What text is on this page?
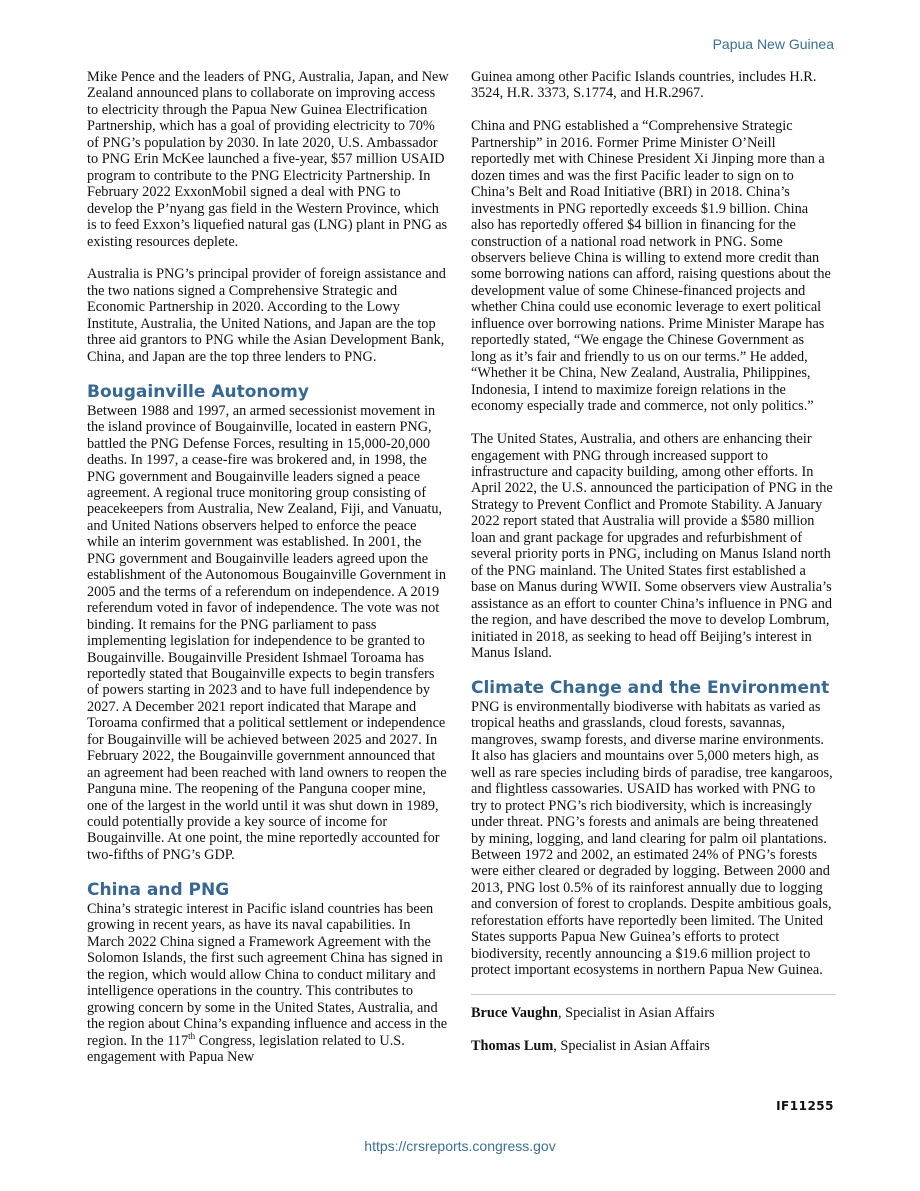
Papua New Guinea

Mike Pence and the leaders of PNG, Australia, Japan, and New Zealand announced plans to collaborate on improving access to electricity through the Papua New Guinea Electrification Partnership, which has a goal of providing electricity to 70% of PNG’s population by 2030. In late 2020, U.S. Ambassador to PNG Erin McKee launched a five-year, $57 million USAID program to contribute to the PNG Electricity Partnership. In February 2022 ExxonMobil signed a deal with PNG to develop the P’nyang gas field in the Western Province, which is to feed Exxon’s liquefied natural gas (LNG) plant in PNG as existing resources deplete.

Australia is PNG’s principal provider of foreign assistance and the two nations signed a Comprehensive Strategic and Economic Partnership in 2020. According to the Lowy Institute, Australia, the United Nations, and Japan are the top three aid grantors to PNG while the Asian Development Bank, China, and Japan are the top three lenders to PNG.

Bougainville Autonomy

Between 1988 and 1997, an armed secessionist movement in the island province of Bougainville, located in eastern PNG, battled the PNG Defense Forces, resulting in 15,000-20,000 deaths. In 1997, a cease-fire was brokered and, in 1998, the PNG government and Bougainville leaders signed a peace agreement. A regional truce monitoring group consisting of peacekeepers from Australia, New Zealand, Fiji, and Vanuatu, and United Nations observers helped to enforce the peace while an interim government was established. In 2001, the PNG government and Bougainville leaders agreed upon the establishment of the Autonomous Bougainville Government in 2005 and the terms of a referendum on independence. A 2019 referendum voted in favor of independence. The vote was not binding. It remains for the PNG parliament to pass implementing legislation for independence to be granted to Bougainville. Bougainville President Ishmael Toroama has reportedly stated that Bougainville expects to begin transfers of powers starting in 2023 and to have full independence by 2027. A December 2021 report indicated that Marape and Toroama confirmed that a political settlement or independence for Bougainville will be achieved between 2025 and 2027. In February 2022, the Bougainville government announced that an agreement had been reached with land owners to reopen the Panguna mine. The reopening of the Panguna cooper mine, one of the largest in the world until it was shut down in 1989, could potentially provide a key source of income for Bougainville. At one point, the mine reportedly accounted for two-fifths of PNG’s GDP.

China and PNG

China’s strategic interest in Pacific island countries has been growing in recent years, as have its naval capabilities. In March 2022 China signed a Framework Agreement with the Solomon Islands, the first such agreement China has signed in the region, which would allow China to conduct military and intelligence operations in the country. This contributes to growing concern by some in the United States, Australia, and the region about China’s expanding influence and access in the region. In the 117th Congress, legislation related to U.S. engagement with Papua New

Guinea among other Pacific Islands countries, includes H.R. 3524, H.R. 3373, S.1774, and H.R.2967.

China and PNG established a “Comprehensive Strategic Partnership” in 2016. Former Prime Minister O’Neill reportedly met with Chinese President Xi Jinping more than a dozen times and was the first Pacific leader to sign on to China’s Belt and Road Initiative (BRI) in 2018. China’s investments in PNG reportedly exceeds $1.9 billion. China also has reportedly offered $4 billion in financing for the construction of a national road network in PNG. Some observers believe China is willing to extend more credit than some borrowing nations can afford, raising questions about the development value of some Chinese-financed projects and whether China could use economic leverage to exert political influence over borrowing nations. Prime Minister Marape has reportedly stated, “We engage the Chinese Government as long as it’s fair and friendly to us on our terms.” He added, “Whether it be China, New Zealand, Australia, Philippines, Indonesia, I intend to maximize foreign relations in the economy especially trade and commerce, not only politics.”

The United States, Australia, and others are enhancing their engagement with PNG through increased support to infrastructure and capacity building, among other efforts. In April 2022, the U.S. announced the participation of PNG in the Strategy to Prevent Conflict and Promote Stability. A January 2022 report stated that Australia will provide a $580 million loan and grant package for upgrades and refurbishment of several priority ports in PNG, including on Manus Island north of the PNG mainland. The United States first established a base on Manus during WWII. Some observers view Australia’s assistance as an effort to counter China’s influence in PNG and the region, and have described the move to develop Lombrum, initiated in 2018, as seeking to head off Beijing’s interest in Manus Island.

Climate Change and the Environment

PNG is environmentally biodiverse with habitats as varied as tropical heaths and grasslands, cloud forests, savannas, mangroves, swamp forests, and diverse marine environments. It also has glaciers and mountains over 5,000 meters high, as well as rare species including birds of paradise, tree kangaroos, and flightless cassowaries. USAID has worked with PNG to try to protect PNG’s rich biodiversity, which is increasingly under threat. PNG’s forests and animals are being threatened by mining, logging, and land clearing for palm oil plantations. Between 1972 and 2002, an estimated 24% of PNG’s forests were either cleared or degraded by logging. Between 2000 and 2013, PNG lost 0.5% of its rainforest annually due to logging and conversion of forest to croplands. Despite ambitious goals, reforestation efforts have reportedly been limited. The United States supports Papua New Guinea’s efforts to protect biodiversity, recently announcing a $19.6 million project to protect important ecosystems in northern Papua New Guinea.

Bruce Vaughn, Specialist in Asian Affairs

Thomas Lum, Specialist in Asian Affairs

IF11255
https://crsreports.congress.gov
